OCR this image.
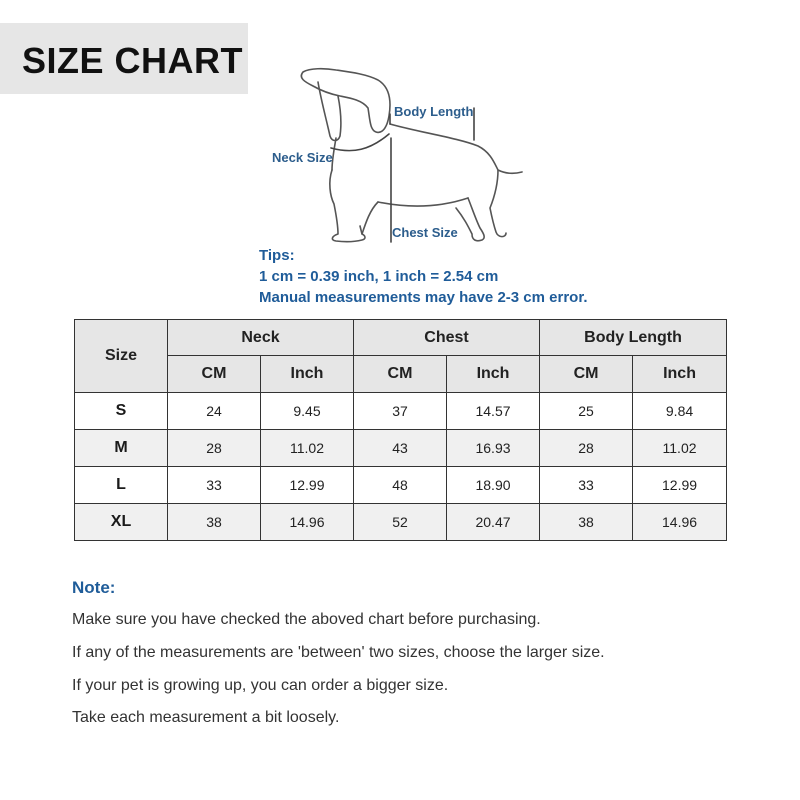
SIZE CHART
Body Length
Neck Size
Chest Size
Tips:
1 cm = 0.39 inch, 1 inch = 2.54 cm
Manual measurements may have 2-3 cm error.
Size	Neck		Chest		Body Length	
	CM	Inch	CM	Inch	CM	Inch
S	24	9.45	37	14.57	25	9.84
M	28	11.02	43	16.93	28	11.02
L	33	12.99	48	18.90	33	12.99
XL	38	14.96	52	20.47	38	14.96
Note:
Make sure you have checked the aboved chart before purchasing.
If any of the measurements are 'between' two sizes, choose the larger size.
If your pet is growing up, you can order a bigger size.
Take each measurement a bit loosely.
